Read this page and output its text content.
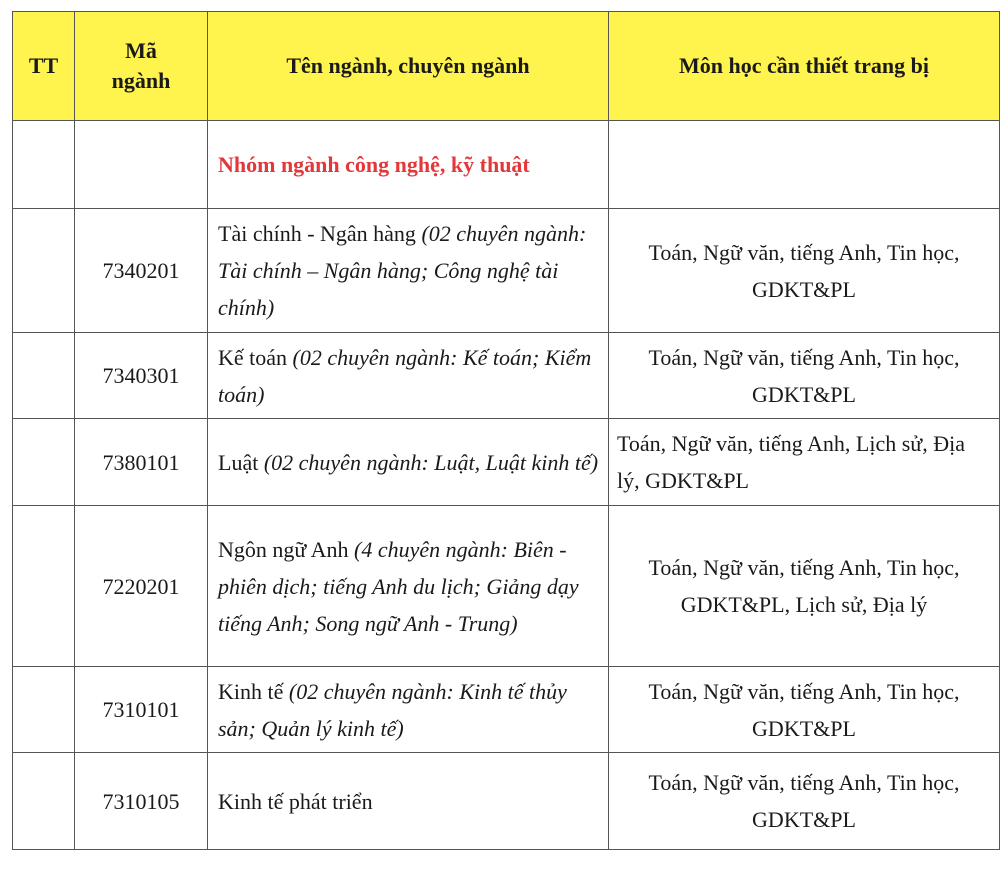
TT	Mã ngành	Tên ngành, chuyên ngành	Môn học cần thiết trang bị
		Nhóm ngành công nghệ, kỹ thuật	
	7340201	Tài chính - Ngân hàng (02 chuyên ngành: Tài chính – Ngân hàng; Công nghệ tài chính)	Toán, Ngữ văn, tiếng Anh, Tin học, GDKT&PL
	7340301	Kế toán (02 chuyên ngành: Kế toán; Kiểm toán)	Toán, Ngữ văn, tiếng Anh, Tin học, GDKT&PL
	7380101	Luật (02 chuyên ngành: Luật, Luật kinh tế)	Toán, Ngữ văn, tiếng Anh, Lịch sử, Địa lý, GDKT&PL
	7220201	Ngôn ngữ Anh (4 chuyên ngành: Biên - phiên dịch; tiếng Anh du lịch; Giảng dạy tiếng Anh; Song ngữ Anh - Trung)	Toán, Ngữ văn, tiếng Anh, Tin học, GDKT&PL, Lịch sử, Địa lý
	7310101	Kinh tế (02 chuyên ngành: Kinh tế thủy sản; Quản lý kinh tế)	Toán, Ngữ văn, tiếng Anh, Tin học, GDKT&PL
	7310105	Kinh tế phát triển	Toán, Ngữ văn, tiếng Anh, Tin học, GDKT&PL
